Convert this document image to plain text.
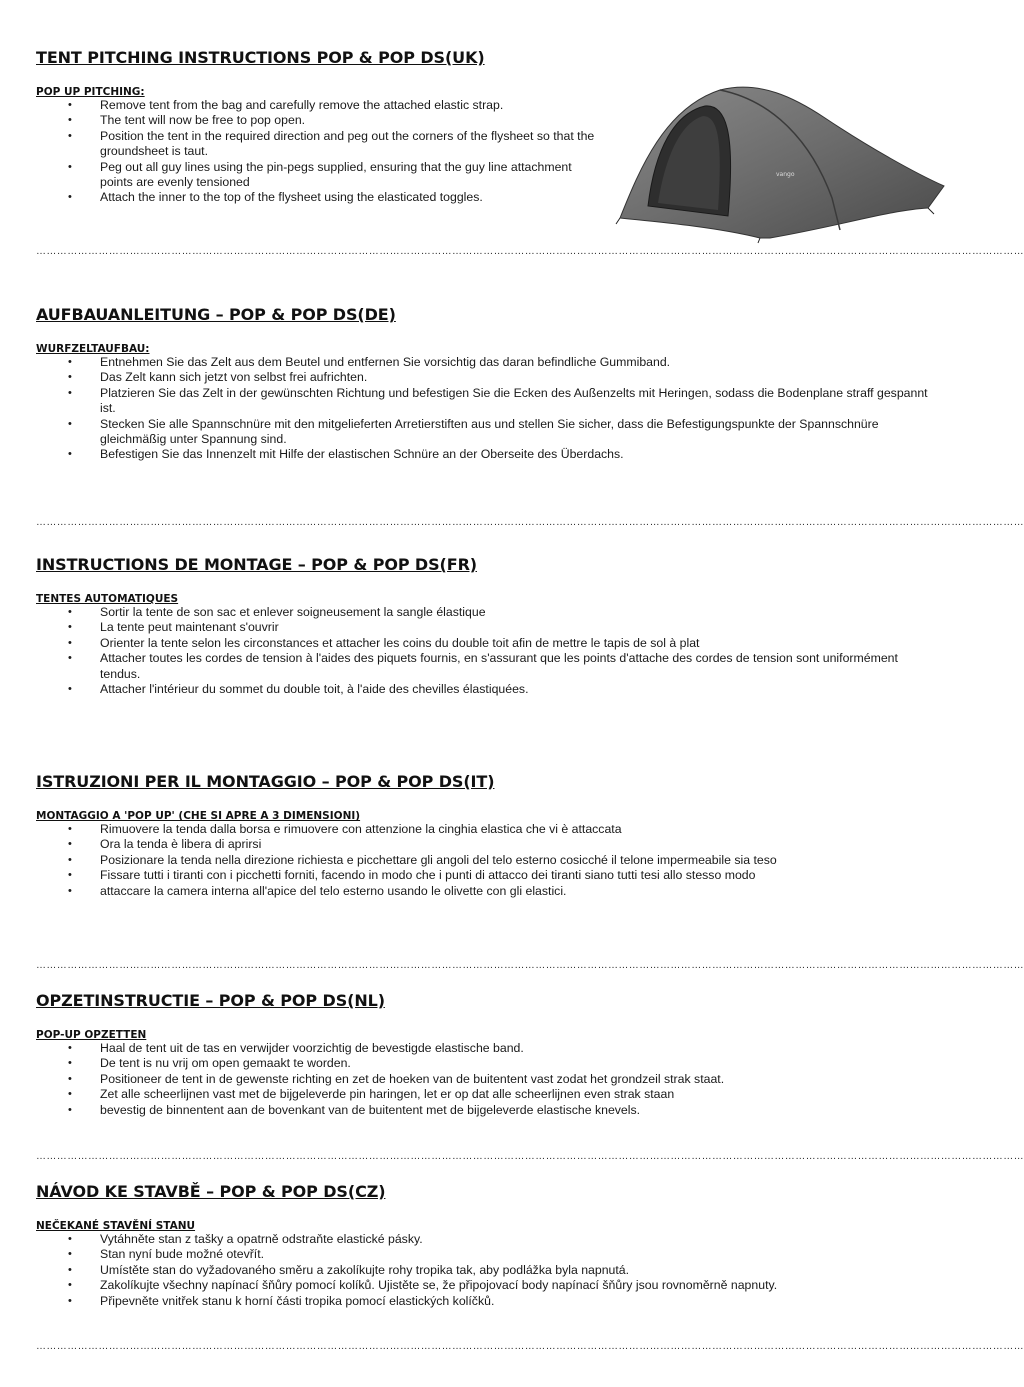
vango
TENT PITCHING INSTRUCTIONS POP & POP DS(UK)
POP UP PITCHING:
• Remove tent from the bag and carefully remove the attached elastic strap.
• The tent will now be free to pop open.
• Position the tent in the required direction and peg out the corners of the flysheet so that the groundsheet is taut.
• Peg out all guy lines using the pin-pegs supplied, ensuring that the guy line attachment points are evenly tensioned
• Attach the inner to the top of the flysheet using the elasticated toggles.
……………………………………………………………………………………………………………………………………………………………………………………………………………………………………………………………
AUFBAUANLEITUNG – POP & POP DS(DE)
WURFZELTAUFBAU:
• Entnehmen Sie das Zelt aus dem Beutel und entfernen Sie vorsichtig das daran befindliche Gummiband.
• Das Zelt kann sich jetzt von selbst frei aufrichten.
• Platzieren Sie das Zelt in der gewünschten Richtung und befestigen Sie die Ecken des Außenzelts mit Heringen, sodass die Bodenplane straff gespannt ist.
• Stecken Sie alle Spannschnüre mit den mitgelieferten Arretierstiften aus und stellen Sie sicher, dass die Befestigungspunkte der Spannschnüre gleichmäßig unter Spannung sind.
• Befestigen Sie das Innenzelt mit Hilfe der elastischen Schnüre an der Oberseite des Überdachs.
……………………………………………………………………………………………………………………………………………………………………………………………………………………………………………………………
INSTRUCTIONS DE MONTAGE – POP & POP DS(FR)
TENTES AUTOMATIQUES
• Sortir la tente de son sac et enlever soigneusement la sangle élastique
• La tente peut maintenant s'ouvrir
• Orienter la tente selon les circonstances et attacher les coins du double toit afin de mettre le tapis de sol à plat
• Attacher toutes les cordes de tension à l'aides des piquets fournis, en s'assurant que les points d'attache des cordes de tension sont uniformément tendus.
• Attacher l'intérieur du sommet du double toit, à l'aide des chevilles élastiquées.
ISTRUZIONI PER IL MONTAGGIO – POP & POP DS(IT)
MONTAGGIO A 'POP UP' (CHE SI APRE A 3 DIMENSIONI)
• Rimuovere la tenda dalla borsa e rimuovere con attenzione la cinghia elastica che vi è attaccata
• Ora la tenda è libera di aprirsi
• Posizionare la tenda nella direzione richiesta e picchettare gli angoli del telo esterno cosicché il telone impermeabile sia teso
• Fissare tutti i tiranti con i picchetti forniti, facendo in modo che i punti di attacco dei tiranti siano tutti tesi allo stesso modo
• attaccare la camera interna all'apice del telo esterno usando le olivette con gli elastici.
……………………………………………………………………………………………………………………………………………………………………………………………………………………………………………………………
OPZETINSTRUCTIE – POP & POP DS(NL)
POP-UP OPZETTEN
• Haal de tent uit de tas en verwijder voorzichtig de bevestigde elastische band.
• De tent is nu vrij om open gemaakt te worden.
• Positioneer de tent in de gewenste richting en zet de hoeken van de buitentent vast zodat het grondzeil strak staat.
• Zet alle scheerlijnen vast met de bijgeleverde pin haringen, let er op dat alle scheerlijnen even strak staan
• bevestig de binnentent aan de bovenkant van de buitentent met de bijgeleverde elastische knevels.
……………………………………………………………………………………………………………………………………………………………………………………………………………………………………………………………
NÁVOD KE STAVBĚ – POP & POP DS(CZ)
NEČEKANÉ STAVĚNÍ STANU
• Vytáhněte stan z tašky a opatrně odstraňte elastické pásky.
• Stan nyní bude možné otevřít.
• Umístěte stan do vyžadovaného směru a zakolíkujte rohy tropika tak, aby podlážka byla napnutá.
• Zakolíkujte všechny napínací šňůry pomocí kolíků. Ujistěte se, že připojovací body napínací šňůry jsou rovnoměrně napnuty.
• Připevněte vnitřek stanu k horní části tropika pomocí elastických kolíčků.
……………………………………………………………………………………………………………………………………………………………………………………………………………………………………………………………
